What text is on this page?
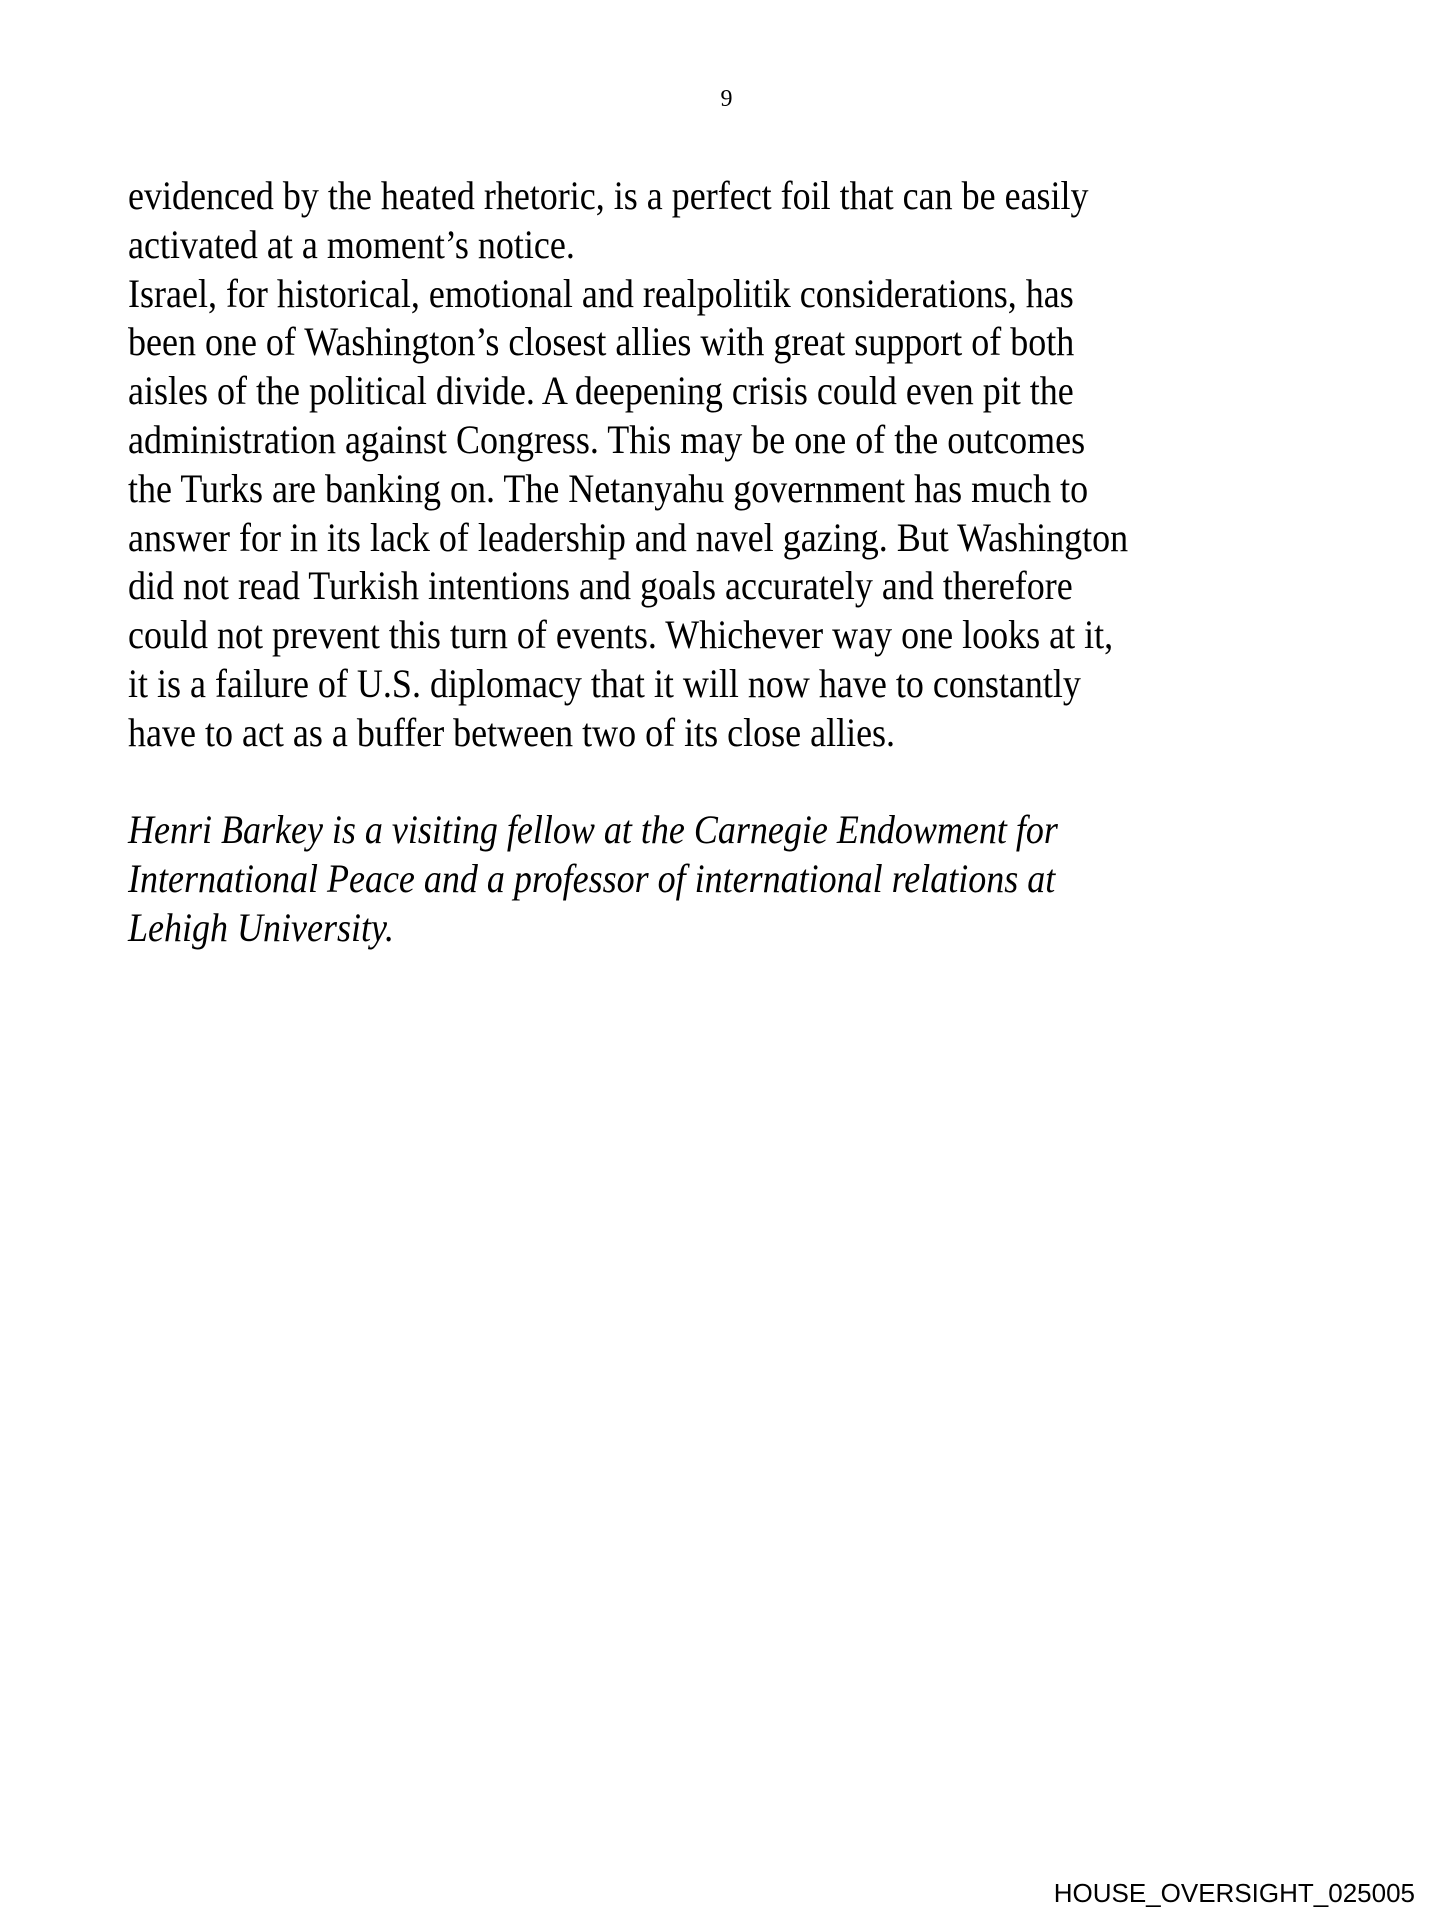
9
evidenced by the heated rhetoric, is a perfect foil that can be easily
activated at a moment’s notice.
Israel, for historical, emotional and realpolitik considerations, has
been one of Washington’s closest allies with great support of both
aisles of the political divide. A deepening crisis could even pit the
administration against Congress. This may be one of the outcomes
the Turks are banking on. The Netanyahu government has much to
answer for in its lack of leadership and navel gazing. But Washington
did not read Turkish intentions and goals accurately and therefore
could not prevent this turn of events. Whichever way one looks at it,
it is a failure of U.S. diplomacy that it will now have to constantly
have to act as a buffer between two of its close allies.
Henri Barkey is a visiting fellow at the Carnegie Endowment for
International Peace and a professor of international relations at
Lehigh University.
HOUSE_OVERSIGHT_025005
